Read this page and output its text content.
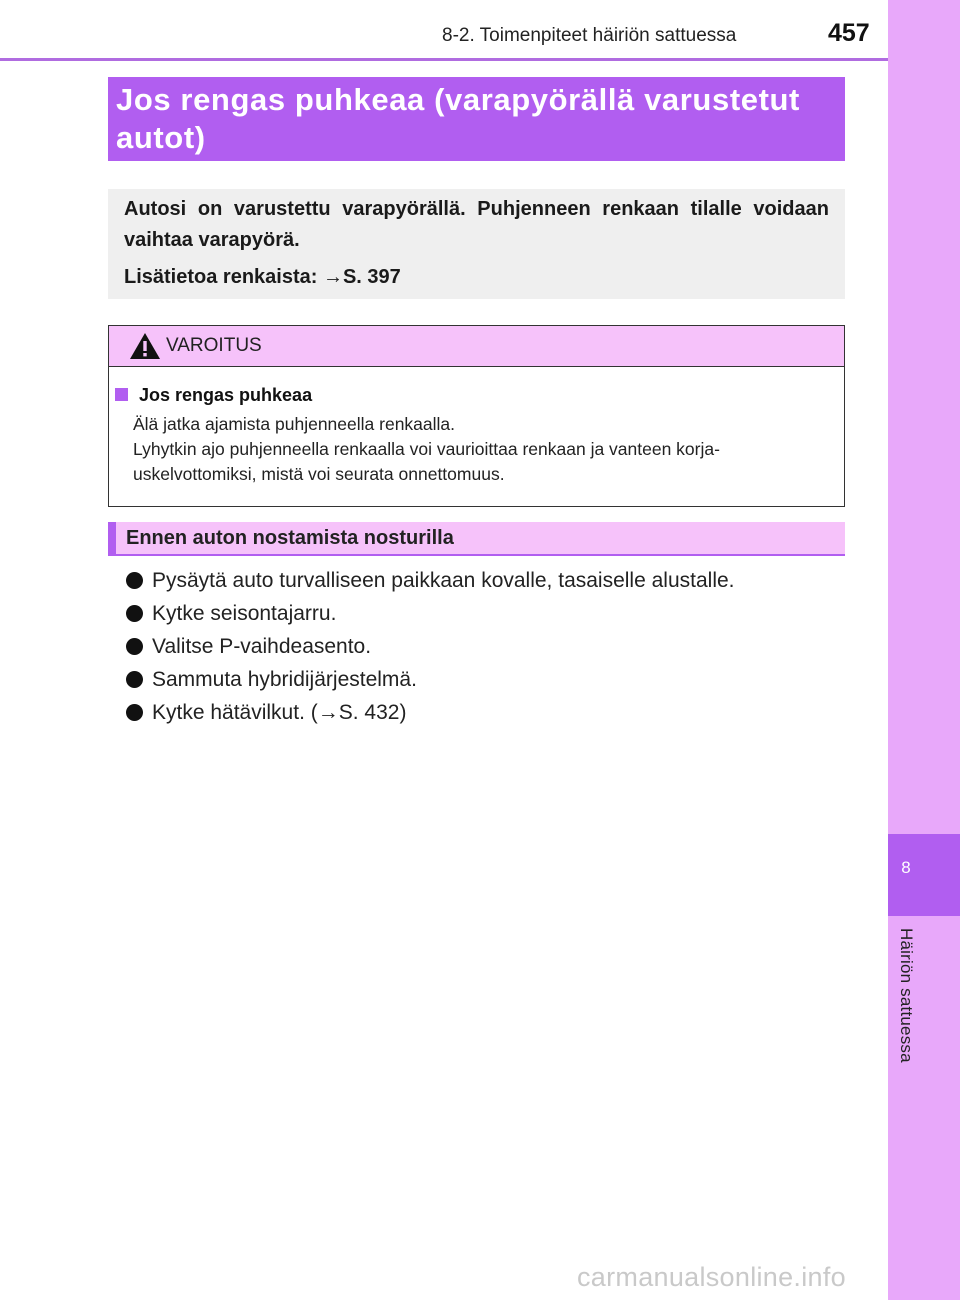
8
Häiriön sattuessa
8-2. Toimenpiteet häiriön sattuessa	457
Jos rengas puhkeaa (varapyörällä varustetut autot)

Autosi on varustettu varapyörällä. Puhjenneen renkaan tilalle voidaan vaihtaa varapyörä.

Lisätietoa renkaista: →S. 397

VAROITUS

Jos rengas puhkeaa

Älä jatka ajamista puhjenneella renkaalla.

Lyhytkin ajo puhjenneella renkaalla voi vaurioittaa renkaan ja vanteen korja-

uskelvottomiksi, mistä voi seurata onnettomuus.

Ennen auton nostamista nosturilla
Pysäytä auto turvalliseen paikkaan kovalle, tasaiselle alustalle.
Kytke seisontajarru.
Valitse P-vaihdeasento.
Sammuta hybridijärjestelmä.
Kytke hätävilkut. (→S. 432)
carmanualsonline.info
